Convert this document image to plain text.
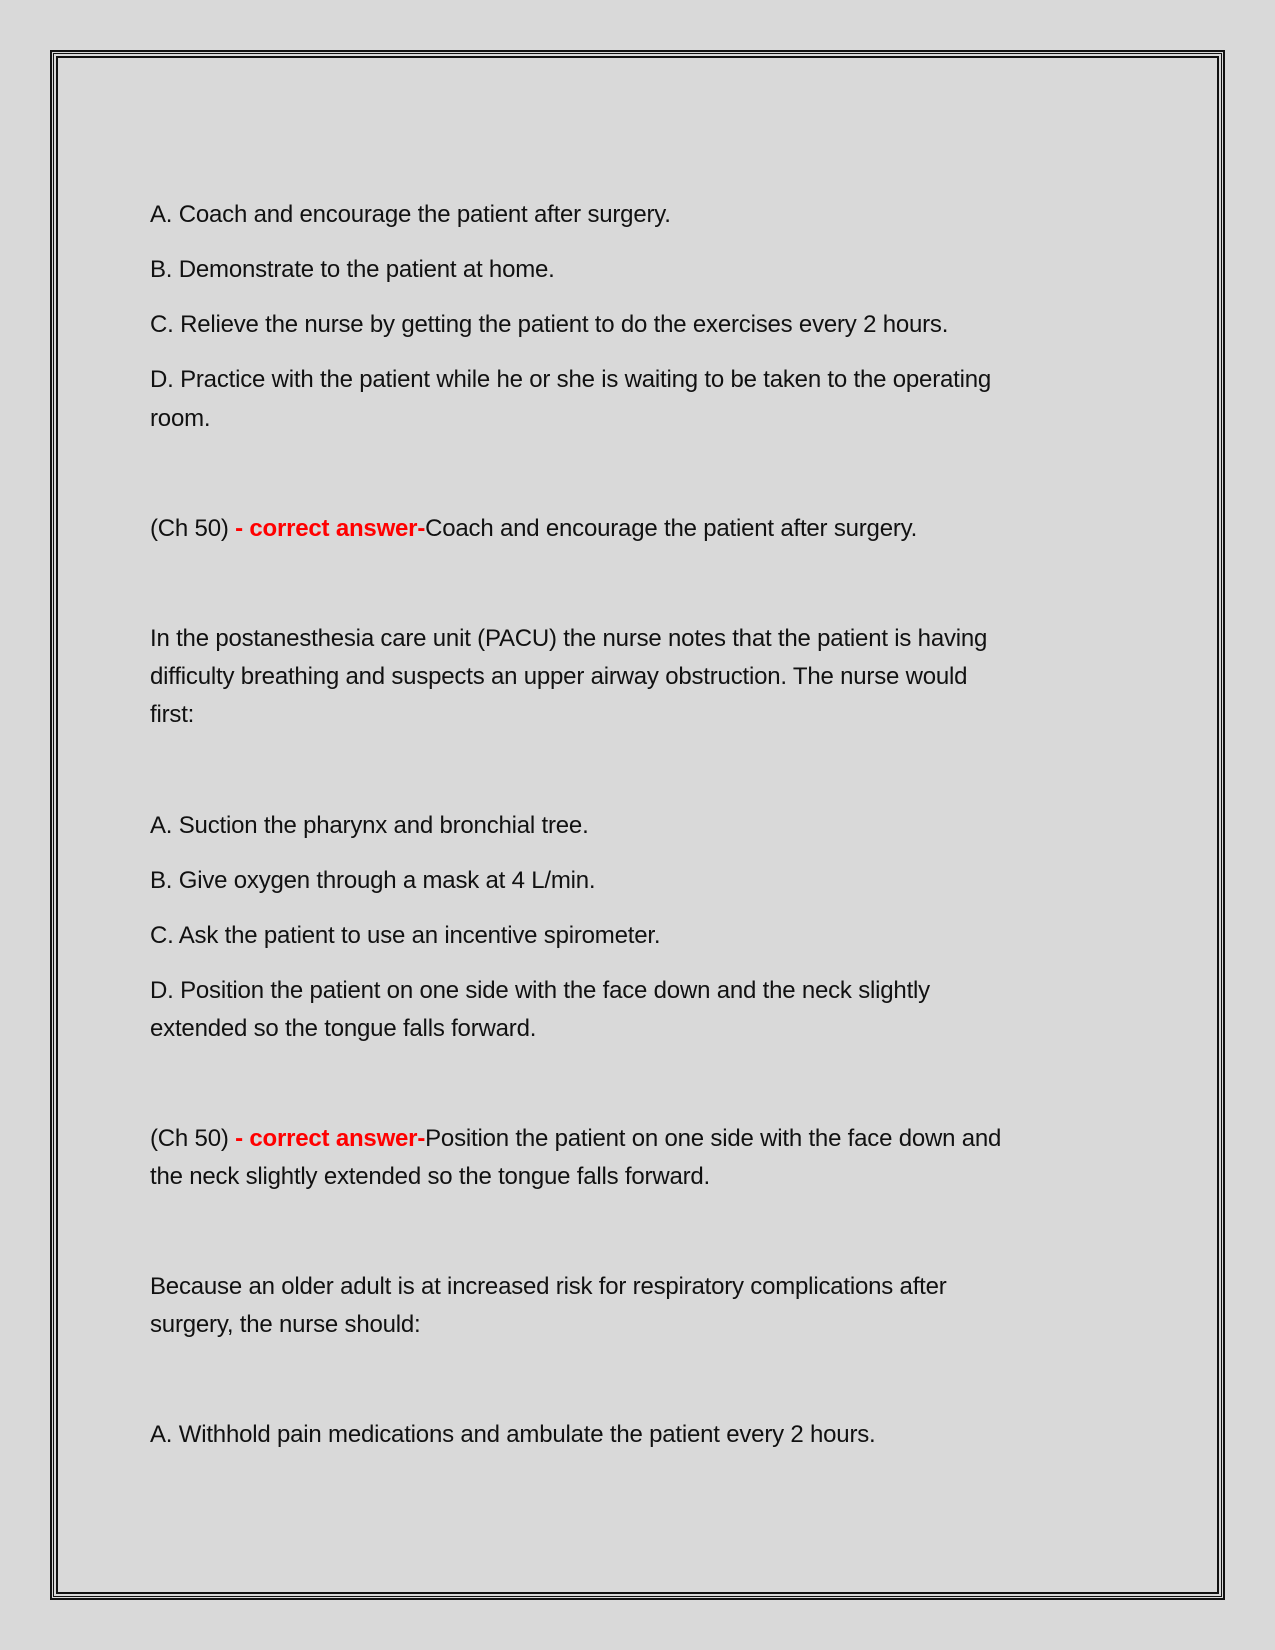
A. Coach and encourage the patient after surgery.
B. Demonstrate to the patient at home.
C. Relieve the nurse by getting the patient to do the exercises every 2 hours.
D. Practice with the patient while he or she is waiting to be taken to the operating
room.
(Ch 50) - correct answer-Coach and encourage the patient after surgery.
In the postanesthesia care unit (PACU) the nurse notes that the patient is having
difficulty breathing and suspects an upper airway obstruction. The nurse would
first:
A. Suction the pharynx and bronchial tree.
B. Give oxygen through a mask at 4 L/min.
C. Ask the patient to use an incentive spirometer.
D. Position the patient on one side with the face down and the neck slightly
extended so the tongue falls forward.
(Ch 50) - correct answer-Position the patient on one side with the face down and
the neck slightly extended so the tongue falls forward.
Because an older adult is at increased risk for respiratory complications after
surgery, the nurse should:
A. Withhold pain medications and ambulate the patient every 2 hours.
